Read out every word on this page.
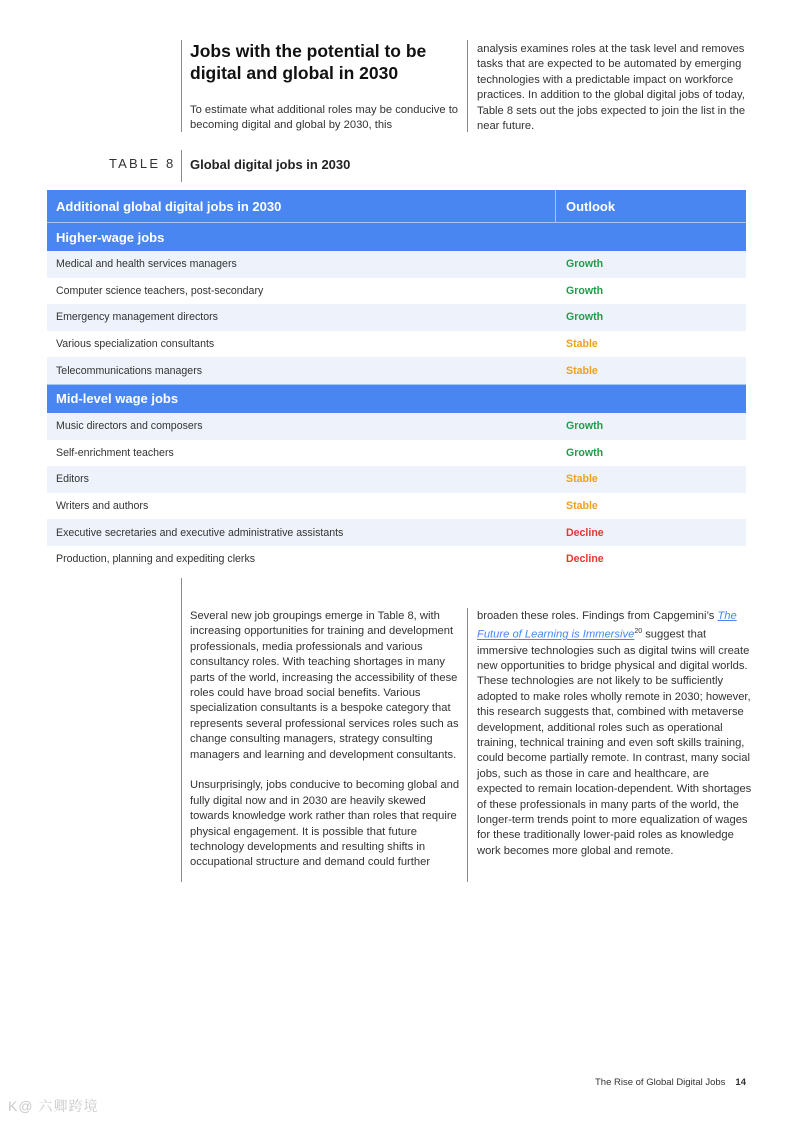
Jobs with the potential to be digital and global in 2030

To estimate what additional roles may be conducive to becoming digital and global by 2030, this

analysis examines roles at the task level and removes tasks that are expected to be automated by emerging technologies with a predictable impact on workforce practices. In addition to the global digital jobs of today, Table 8 sets out the jobs expected to join the list in the near future.

TABLE 8 Global digital jobs in 2030
Additional global digital jobs in 2030	Outlook
Higher-wage jobs
Medical and health services managers	Growth
Computer science teachers, post-secondary	Growth
Emergency management directors	Growth
Various specialization consultants	Stable
Telecommunications managers	Stable
Mid-level wage jobs
Music directors and composers	Growth
Self-enrichment teachers	Growth
Editors	Stable
Writers and authors	Stable
Executive secretaries and executive administrative assistants	Decline
Production, planning and expediting clerks	Decline

Several new job groupings emerge in Table 8, with increasing opportunities for training and development professionals, media professionals and various consultancy roles. With teaching shortages in many parts of the world, increasing the accessibility of these roles could have broad social benefits. Various specialization consultants is a bespoke category that represents several professional services roles such as change consulting managers, strategy consulting managers and learning and development consultants.

Unsurprisingly, jobs conducive to becoming global and fully digital now and in 2030 are heavily skewed towards knowledge work rather than roles that require physical engagement. It is possible that future technology developments and resulting shifts in occupational structure and demand could further

broaden these roles. Findings from Capgemini’s The Future of Learning is Immersive$^{20}$ suggest that immersive technologies such as digital twins will create new opportunities to bridge physical and digital worlds. These technologies are not likely to be sufficiently adopted to make roles wholly remote in 2030; however, this research suggests that, combined with metaverse development, additional roles such as operational training, technical training and even soft skills training, could become partially remote. In contrast, many social jobs, such as those in care and healthcare, are expected to remain location-dependent. With shortages of these professionals in many parts of the world, the longer-term trends point to more equalization of wages for these traditionally lower-paid roles as knowledge work becomes more global and remote.

The Rise of Global Digital Jobs 14
K@ 六卿跨境
